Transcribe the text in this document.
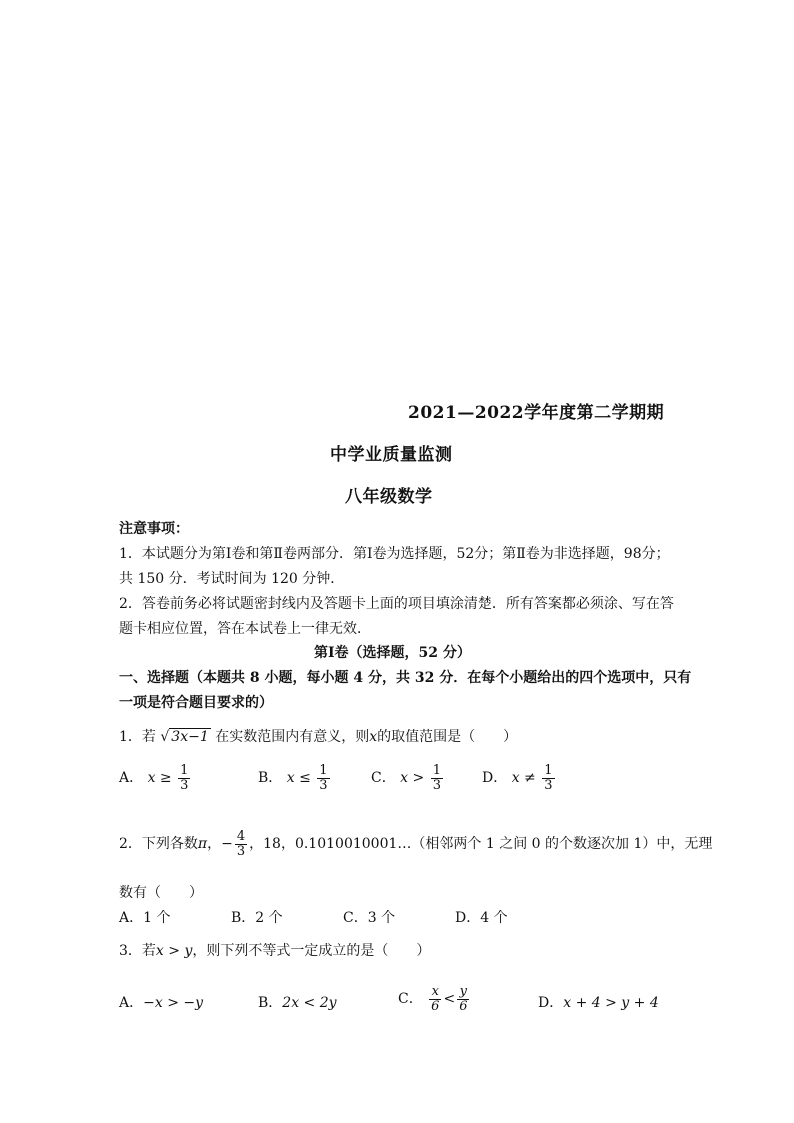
2021—2022学年度第二学期期
中学业质量监测
八年级数学
注意事项：
1．本试题分为第Ⅰ卷和第Ⅱ卷两部分．第Ⅰ卷为选择题，52分；第Ⅱ卷为非选择题，98分；
共 150 分．考试时间为 120 分钟．
2．答卷前务必将试题密封线内及答题卡上面的项目填涂清楚．所有答案都必须涂、写在答
题卡相应位置，答在本试卷上一律无效．
第Ⅰ卷（选择题，52 分）
一、选择题（本题共 8 小题，每小题 4 分，共 32 分．在每个小题给出的四个选项中，只有
一项是符合题目要求的）
1．若 √ 3x−1 在实数范围内有意义，则x的取值范围是（　　）
A． $x \ge \frac{1}{3}$	B． $x \le \frac{1}{3}$	C． $x > \frac{1}{3}$	D． $x \ne \frac{1}{3}$
2．下列各数π，− $\frac{4}{3}$ ，18，0.1010010001…（相邻两个 1 之间 0 的个数逐次加 1）中，无理
数有（　　）
A．1 个	B．2 个	C．3 个	D．4 个
3．若x > y，则下列不等式一定成立的是（　　）
A．−x > −y	B．2x < 2y	C． $\frac{x}{6} < \frac{y}{6}$	D．x + 4 > y + 4
